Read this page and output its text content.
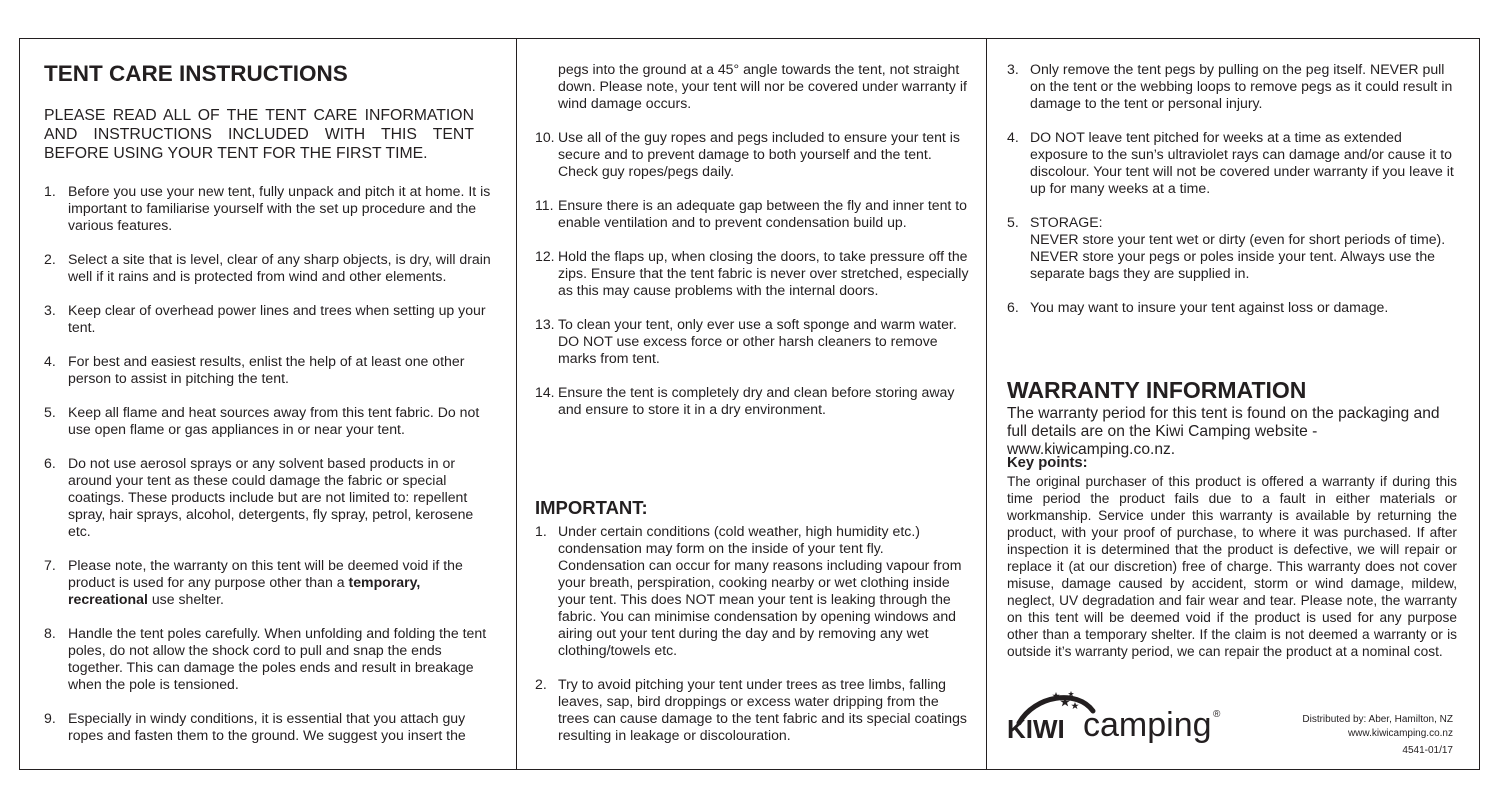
TENT CARE INSTRUCTIONS

PLEASE READ ALL OF THE TENT CARE INFORMATION AND INSTRUCTIONS INCLUDED WITH THIS TENT BEFORE USING YOUR TENT FOR THE FIRST TIME.

1. Before you use your new tent, fully unpack and pitch it at home. It is important to familiarise yourself with the set up procedure and the various features.
2. Select a site that is level, clear of any sharp objects, is dry, will drain well if it rains and is protected from wind and other elements.
3. Keep clear of overhead power lines and trees when setting up your tent.
4. For best and easiest results, enlist the help of at least one other person to assist in pitching the tent.
5. Keep all flame and heat sources away from this tent fabric. Do not use open flame or gas appliances in or near your tent.
6. Do not use aerosol sprays or any solvent based products in or around your tent as these could damage the fabric or special coatings. These products include but are not limited to: repellent spray, hair sprays, alcohol, detergents, fly spray, petrol, kerosene etc.
7. Please note, the warranty on this tent will be deemed void if the product is used for any purpose other than a temporary, recreational use shelter.
8. Handle the tent poles carefully. When unfolding and folding the tent poles, do not allow the shock cord to pull and snap the ends together. This can damage the poles ends and result in breakage when the pole is tensioned.
9. Especially in windy conditions, it is essential that you attach guy ropes and fasten them to the ground. We suggest you insert the
pegs into the ground at a 45° angle towards the tent, not straight down. Please note, your tent will nor be covered under warranty if wind damage occurs.
10. Use all of the guy ropes and pegs included to ensure your tent is secure and to prevent damage to both yourself and the tent. Check guy ropes/pegs daily.
11. Ensure there is an adequate gap between the fly and inner tent to enable ventilation and to prevent condensation build up.
12. Hold the flaps up, when closing the doors, to take pressure off the zips. Ensure that the tent fabric is never over stretched, especially as this may cause problems with the internal doors.
13. To clean your tent, only ever use a soft sponge and warm water. DO NOT use excess force or other harsh cleaners to remove marks from tent.
14. Ensure the tent is completely dry and clean before storing away and ensure to store it in a dry environment.
IMPORTANT:
1. Under certain conditions (cold weather, high humidity etc.) condensation may form on the inside of your tent fly. Condensation can occur for many reasons including vapour from your breath, perspiration, cooking nearby or wet clothing inside your tent. This does NOT mean your tent is leaking through the fabric. You can minimise condensation by opening windows and airing out your tent during the day and by removing any wet clothing/towels etc.
2. Try to avoid pitching your tent under trees as tree limbs, falling leaves, sap, bird droppings or excess water dripping from the trees can cause damage to the tent fabric and its special coatings resulting in leakage or discolouration.
3. Only remove the tent pegs by pulling on the peg itself. NEVER pull on the tent or the webbing loops to remove pegs as it could result in damage to the tent or personal injury.
4. DO NOT leave tent pitched for weeks at a time as extended exposure to the sun’s ultraviolet rays can damage and/or cause it to discolour. Your tent will not be covered under warranty if you leave it up for many weeks at a time.
5. STORAGE:
NEVER store your tent wet or dirty (even for short periods of time). NEVER store your pegs or poles inside your tent. Always use the separate bags they are supplied in.
6. You may want to insure your tent against loss or damage.
WARRANTY INFORMATION

The warranty period for this tent is found on the packaging and full details are on the Kiwi Camping website - www.kiwicamping.co.nz.

Key points:

The original purchaser of this product is offered a warranty if during this time period the product fails due to a fault in either materials or workmanship. Service under this warranty is available by returning the product, with your proof of purchase, to where it was purchased. If after inspection it is determined that the product is defective, we will repair or replace it (at our discretion) free of charge. This warranty does not cover misuse, damage caused by accident, storm or wind damage, mildew, neglect, UV degradation and fair wear and tear. Please note, the warranty on this tent will be deemed void if the product is used for any purpose other than a temporary shelter. If the claim is not deemed a warranty or is outside it’s warranty period, we can repair the product at a nominal cost.

KIWI camping ®	Distributed by: Aber, Hamilton, NZ
www.kiwicamping.co.nz
4541-01/17
